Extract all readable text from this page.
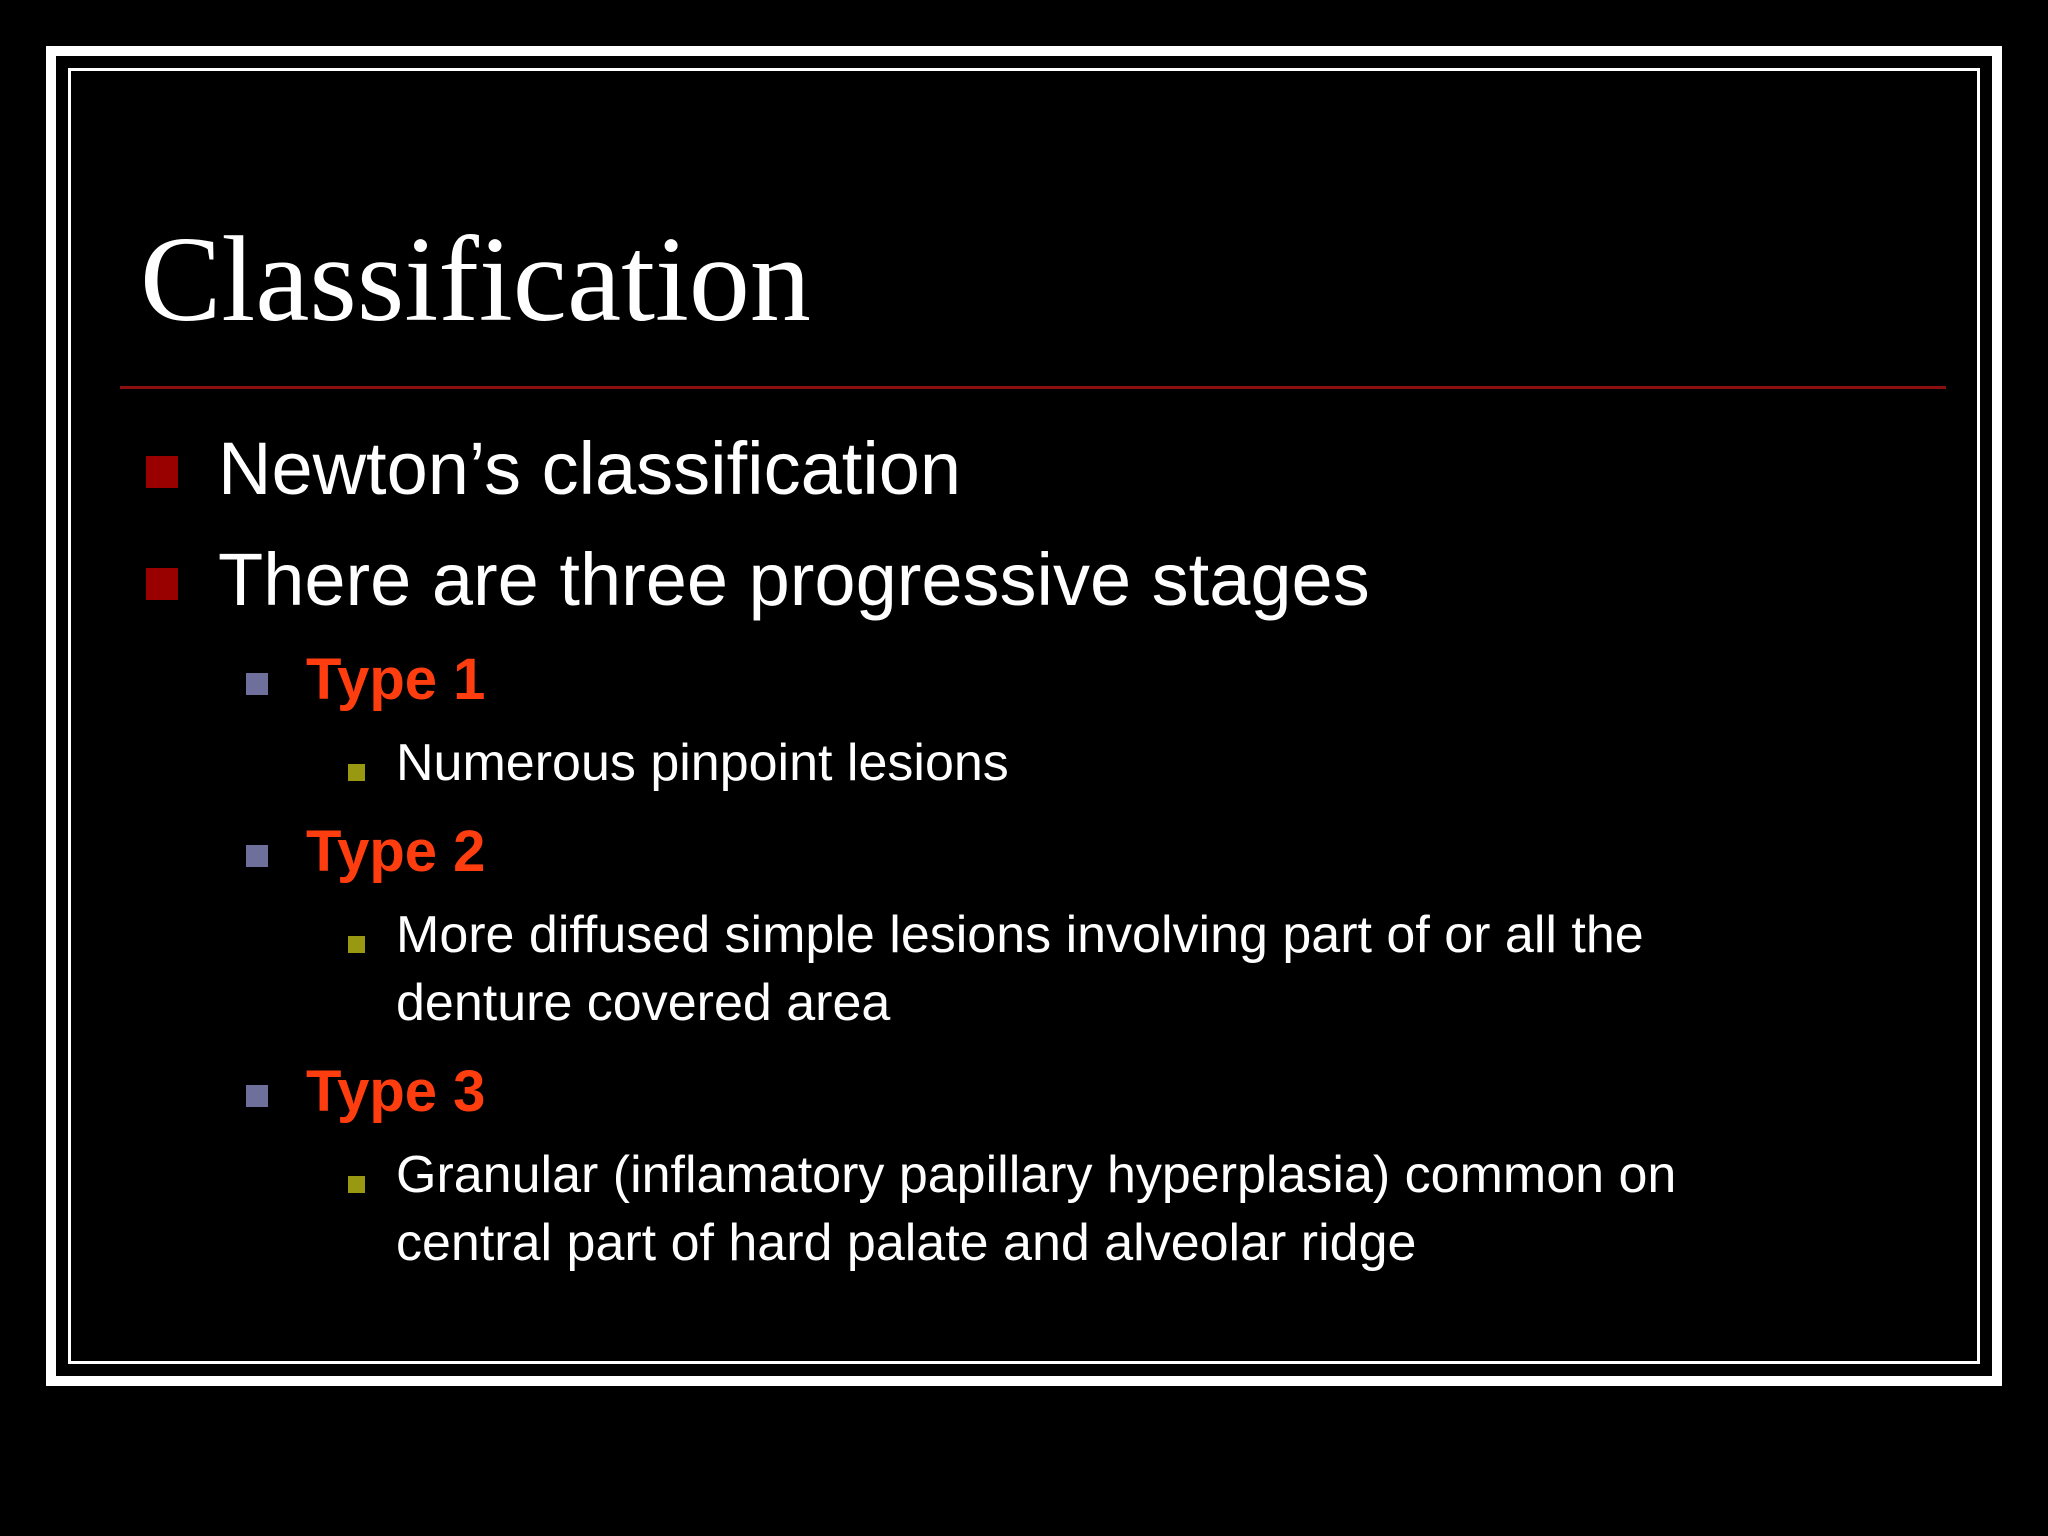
Classification
Newton’s classification
There are three progressive stages
Type 1
Numerous pinpoint lesions
Type 2
More diffused simple lesions involving part of or all the
denture covered area
Type 3
Granular (inflamatory papillary hyperplasia) common on
central part of hard palate and alveolar ridge
